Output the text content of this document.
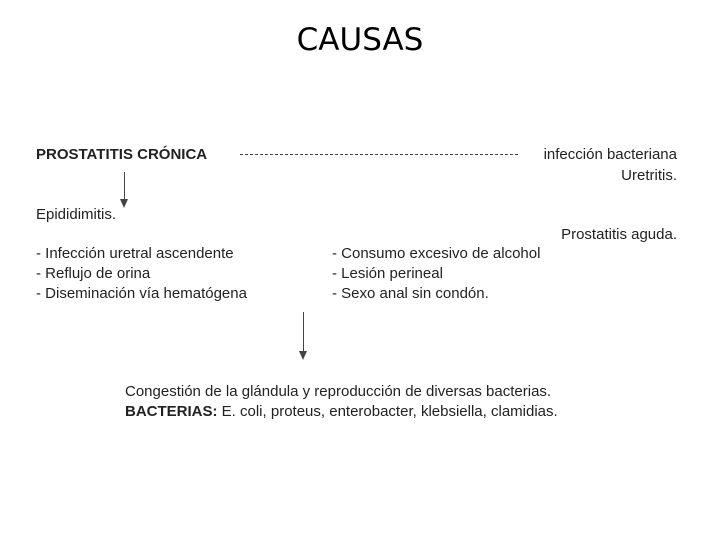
CAUSAS
PROSTATITIS CRÓNICA	infección bacteriana
Uretritis.
Epididimitis.
Prostatitis aguda.
- Infección uretral ascendente
- Reflujo de orina
- Diseminación vía hematógena
- Consumo excesivo de alcohol
- Lesión perineal
- Sexo anal sin condón.
Congestión de la glándula y reproducción de diversas bacterias.
BACTERIAS: E. coli, proteus, enterobacter, klebsiella, clamidias.
